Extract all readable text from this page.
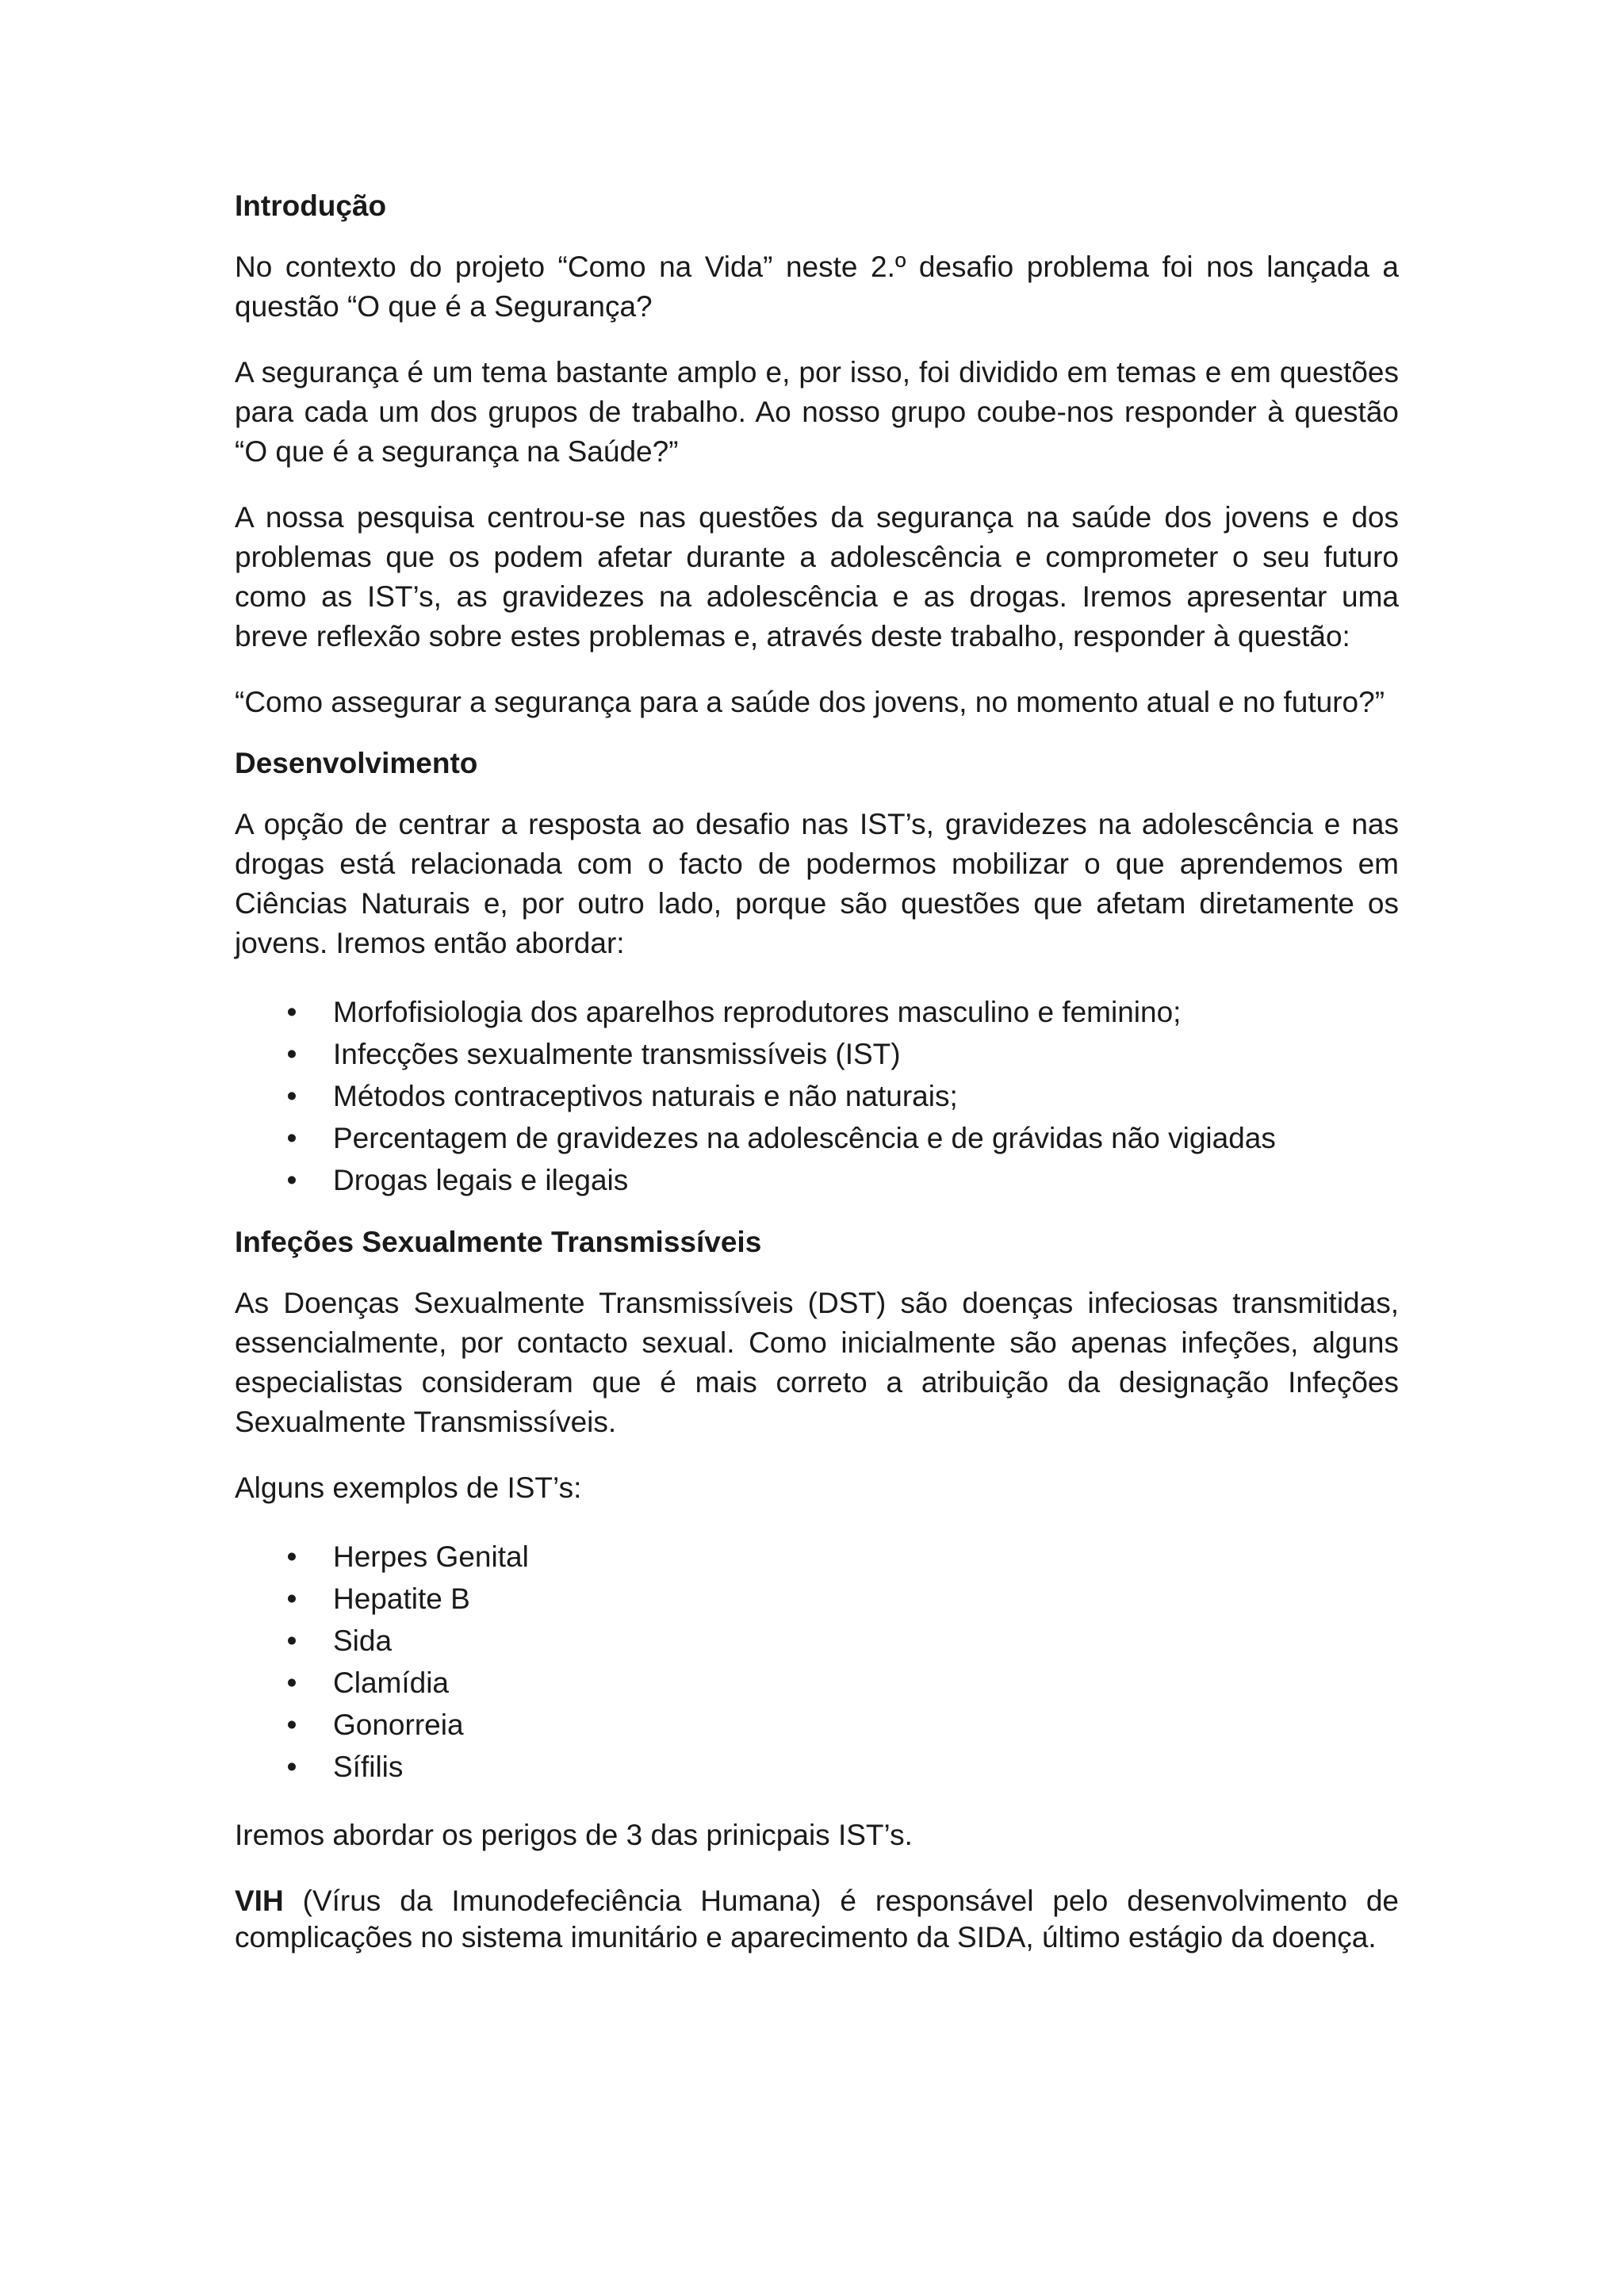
Introdução

No contexto do projeto “Como na Vida” neste 2.º desafio problema foi nos lançada a questão “O que é a Segurança?

A segurança é um tema bastante amplo e, por isso, foi dividido em temas e em questões para cada um dos grupos de trabalho. Ao nosso grupo coube-nos responder à questão “O que é a segurança na Saúde?”

A nossa pesquisa centrou-se nas questões da segurança na saúde dos jovens e dos problemas que os podem afetar durante a adolescência e comprometer o seu futuro como as IST’s, as gravidezes na adolescência e as drogas. Iremos apresentar uma breve reflexão sobre estes problemas e, através deste trabalho, responder à questão:

“Como assegurar a segurança para a saúde dos jovens, no momento atual e no futuro?”

Desenvolvimento

A opção de centrar a resposta ao desafio nas IST’s, gravidezes na adolescência e nas drogas está relacionada com o facto de podermos mobilizar o que aprendemos em Ciências Naturais e, por outro lado, porque são questões que afetam diretamente os jovens. Iremos então abordar:

• Morfofisiologia dos aparelhos reprodutores masculino e feminino;
• Infecções sexualmente transmissíveis (IST)
• Métodos contraceptivos naturais e não naturais;
• Percentagem de gravidezes na adolescência e de grávidas não vigiadas
• Drogas legais e ilegais
Infeções Sexualmente Transmissíveis

As Doenças Sexualmente Transmissíveis (DST) são doenças infeciosas transmitidas, essencialmente, por contacto sexual. Como inicialmente são apenas infeções, alguns especialistas consideram que é mais correto a atribuição da designação Infeções Sexualmente Transmissíveis.

Alguns exemplos de IST’s:

• Herpes Genital
• Hepatite B
• Sida
• Clamídia
• Gonorreia
• Sífilis

Iremos abordar os perigos de 3 das prinicpais IST’s.

VIH (Vírus da Imunodefeciência Humana) é responsável pelo desenvolvimento de complicações no sistema imunitário e aparecimento da SIDA, último estágio da doença.
